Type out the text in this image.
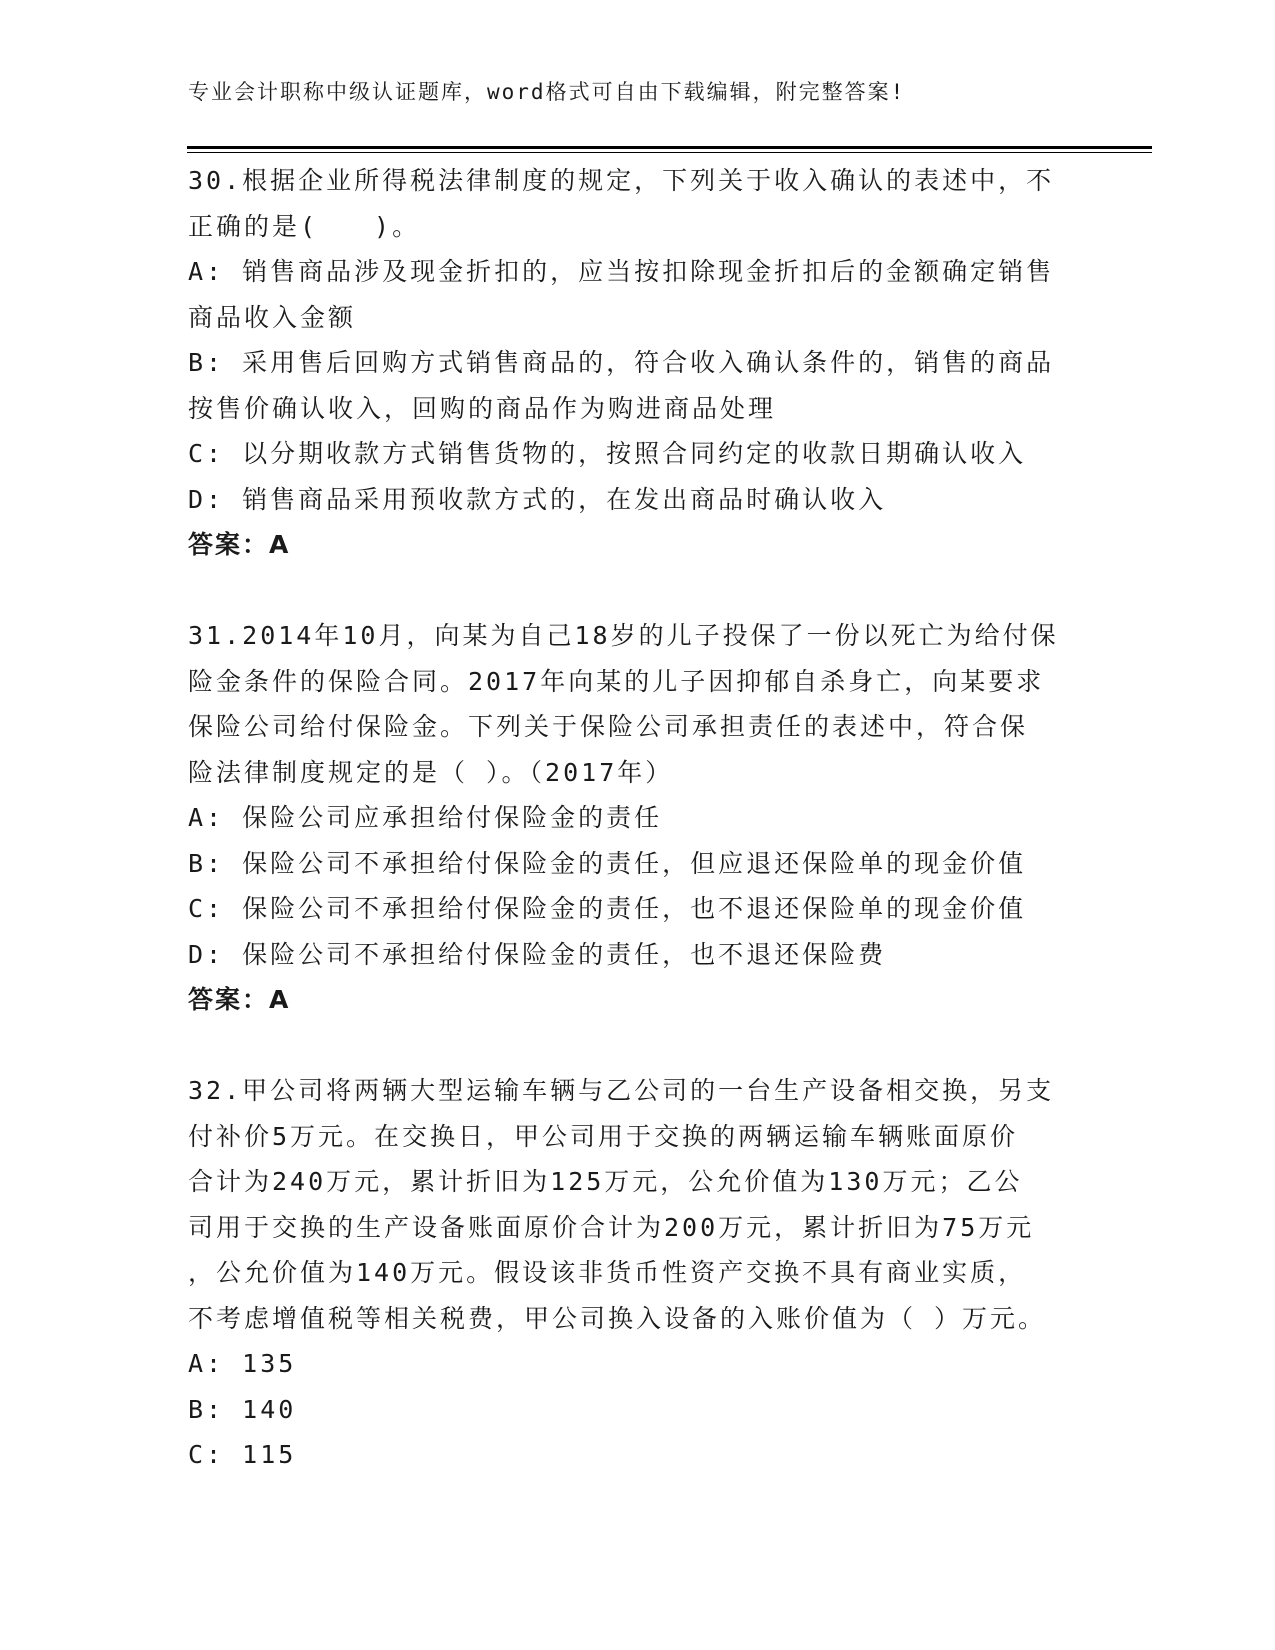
专业会计职称中级认证题库，word格式可自由下载编辑，附完整答案!
30.根据企业所得税法律制度的规定，下列关于收入确认的表述中，不
正确的是(　　)。
A: 销售商品涉及现金折扣的，应当按扣除现金折扣后的金额确定销售
商品收入金额
B: 采用售后回购方式销售商品的，符合收入确认条件的，销售的商品
按售价确认收入，回购的商品作为购进商品处理
C: 以分期收款方式销售货物的，按照合同约定的收款日期确认收入
D: 销售商品采用预收款方式的，在发出商品时确认收入
答案：A
31.2014年10月，向某为自己18岁的儿子投保了一份以死亡为给付保
险金条件的保险合同。2017年向某的儿子因抑郁自杀身亡，向某要求
保险公司给付保险金。下列关于保险公司承担责任的表述中，符合保
险法律制度规定的是（ ）。（2017年）
A: 保险公司应承担给付保险金的责任
B: 保险公司不承担给付保险金的责任，但应退还保险单的现金价值
C: 保险公司不承担给付保险金的责任，也不退还保险单的现金价值
D: 保险公司不承担给付保险金的责任，也不退还保险费
答案：A
32.甲公司将两辆大型运输车辆与乙公司的一台生产设备相交换，另支
付补价5万元。在交换日，甲公司用于交换的两辆运输车辆账面原价
合计为240万元，累计折旧为125万元，公允价值为130万元；乙公
司用于交换的生产设备账面原价合计为200万元，累计折旧为75万元
，公允价值为140万元。假设该非货币性资产交换不具有商业实质，
不考虑增值税等相关税费，甲公司换入设备的入账价值为（ ）万元。
A: 135
B: 140
C: 115
